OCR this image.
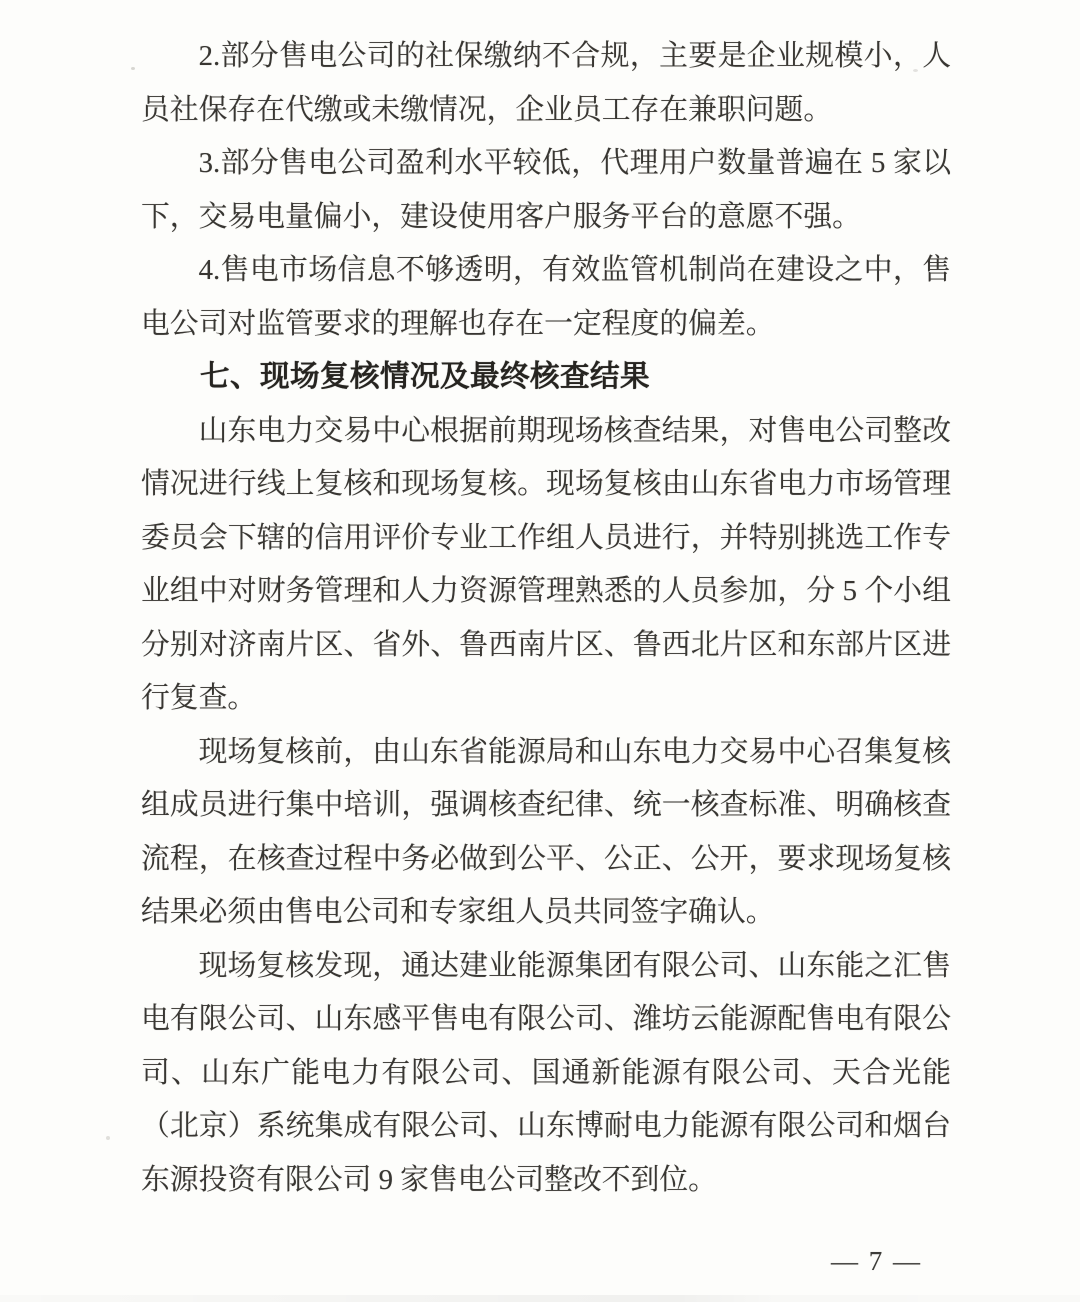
2.部分售电公司的社保缴纳不合规，主要是企业规模小，人员社保存在代缴或未缴情况，企业员工存在兼职问题。

3.部分售电公司盈利水平较低，代理用户数量普遍在 5 家以下，交易电量偏小，建设使用客户服务平台的意愿不强。

4.售电市场信息不够透明，有效监管机制尚在建设之中，售电公司对监管要求的理解也存在一定程度的偏差。

七、现场复核情况及最终核查结果

山东电力交易中心根据前期现场核查结果，对售电公司整改情况进行线上复核和现场复核。现场复核由山东省电力市场管理委员会下辖的信用评价专业工作组人员进行，并特别挑选工作专业组中对财务管理和人力资源管理熟悉的人员参加，分 5 个小组分别对济南片区、省外、鲁西南片区、鲁西北片区和东部片区进行复查。

现场复核前，由山东省能源局和山东电力交易中心召集复核组成员进行集中培训，强调核查纪律、统一核查标准、明确核查流程，在核查过程中务必做到公平、公正、公开，要求现场复核结果必须由售电公司和专家组人员共同签字确认。

现场复核发现，通达建业能源集团有限公司、山东能之汇售电有限公司、山东感平售电有限公司、潍坊云能源配售电有限公司、山东广能电力有限公司、国通新能源有限公司、天合光能（北京）系统集成有限公司、山东博耐电力能源有限公司和烟台东源投资有限公司 9 家售电公司整改不到位。

— 7 —
